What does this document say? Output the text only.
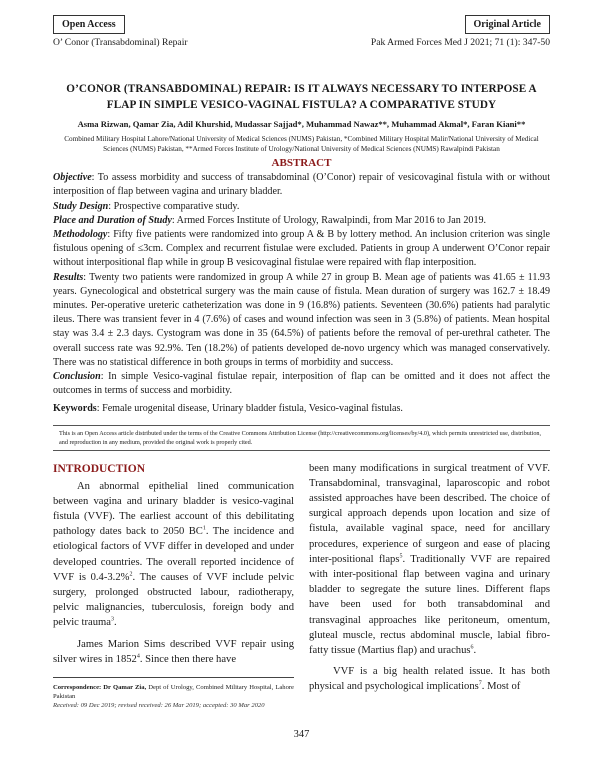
Open Access	Original Article
O’ Conor (Transabdominal) Repair	Pak Armed Forces Med J 2021; 71 (1): 347-50
O’CONOR (TRANSABDOMINAL) REPAIR: IS IT ALWAYS NECESSARY TO INTERPOSE A FLAP IN SIMPLE VESICO-VAGINAL FISTULA? A COMPARATIVE STUDY
Asma Rizwan, Qamar Zia, Adil Khurshid, Mudassar Sajjad*, Muhammad Nawaz**, Muhammad Akmal*, Faran Kiani**
Combined Military Hospital Lahore/National University of Medical Sciences (NUMS) Pakistan, *Combined Military Hospital Malir/National University of Medical Sciences (NUMS) Pakistan, **Armed Forces Institute of Urology/National University of Medical Sciences (NUMS) Rawalpindi Pakistan
ABSTRACT

Objective: To assess morbidity and success of transabdominal (O’Conor) repair of vesicovaginal fistula with or without interposition of flap between vagina and urinary bladder.

Study Design: Prospective comparative study.

Place and Duration of Study: Armed Forces Institute of Urology, Rawalpindi, from Mar 2016 to Jan 2019.

Methodology: Fifty five patients were randomized into group A & B by lottery method. An inclusion criterion was single fistulous opening of ≤3cm. Complex and recurrent fistulae were excluded. Patients in group A underwent O’Conor repair without interpositional flap while in group B vesicovaginal fistulae were repaired with flap interposition.

Results: Twenty two patients were randomized in group A while 27 in group B. Mean age of patients was 41.65 ± 11.93 years. Gynecological and obstetrical surgery was the main cause of fistula. Mean duration of surgery was 162.7 ± 18.49 minutes. Per-operative ureteric catheterization was done in 9 (16.8%) patients. Seventeen (30.6%) patients had paralytic ileus. There was transient fever in 4 (7.6%) of cases and wound infection was seen in 3 (5.8%) of patients. Mean hospital stay was 3.4 ± 2.3 days. Cystogram was done in 35 (64.5%) of patients before the removal of per-urethral catheter. The overall success rate was 92.9%. Ten (18.2%) of patients developed de-novo urgency which was managed conservatively. There was no statistical difference in both groups in terms of morbidity and success.

Conclusion: In simple Vesico-vaginal fistulae repair, interposition of flap can be omitted and it does not affect the outcomes in terms of success and morbidity.

Keywords: Female urogenital disease, Urinary bladder fistula, Vesico-vaginal fistulas.

This is an Open Access article distributed under the terms of the Creative Commons Attribution License (http://creativecommons.org/licenses/by/4.0), which permits unrestricted use, distribution, and reproduction in any medium, provided the original work is properly cited.
INTRODUCTION

An abnormal epithelial lined communication between vagina and urinary bladder is vesico-vaginal fistula (VVF). The earliest account of this debilitating pathology dates back to 2050 $BC^1$. The incidence and etiological factors of VVF differ in developed and under developed countries. The overall reported incidence of VVF is 0.4-3.2%$^2$. The causes of VVF include pelvic surgery, prolonged obstructed labour, radiotherapy, pelvic malignancies, tuberculosis, foreign body and pelvic trauma$^3$.

James Marion Sims described VVF repair using silver wires in 1852$^4$. Since then there have

Correspondence: Dr Qamar Zia, Dept of Urology, Combined Military Hospital, Lahore Pakistan
Received: 09 Dec 2019; revised received: 26 Mar 2019; accepted: 30 Mar 2020

been many modifications in surgical treatment of VVF. Transabdominal, transvaginal, laparoscopic and robot assisted approaches have been described. The choice of surgical approach depends upon location and size of fistula, available vaginal space, need for ancillary procedures, experience of surgeon and ease of placing inter-positional flaps$^5$. Traditionally VVF are repaired with inter-positional flap between vagina and urinary bladder to segregate the suture lines. Different flaps have been used for both transabdominal and transvaginal approaches like peritoneum, omentum, gluteal muscle, rectus abdominal muscle, labial fibro-fatty tissue (Martius flap) and urachus$^6$.

VVF is a big health related issue. It has both physical and psychological implications$^7$. Most of

347
